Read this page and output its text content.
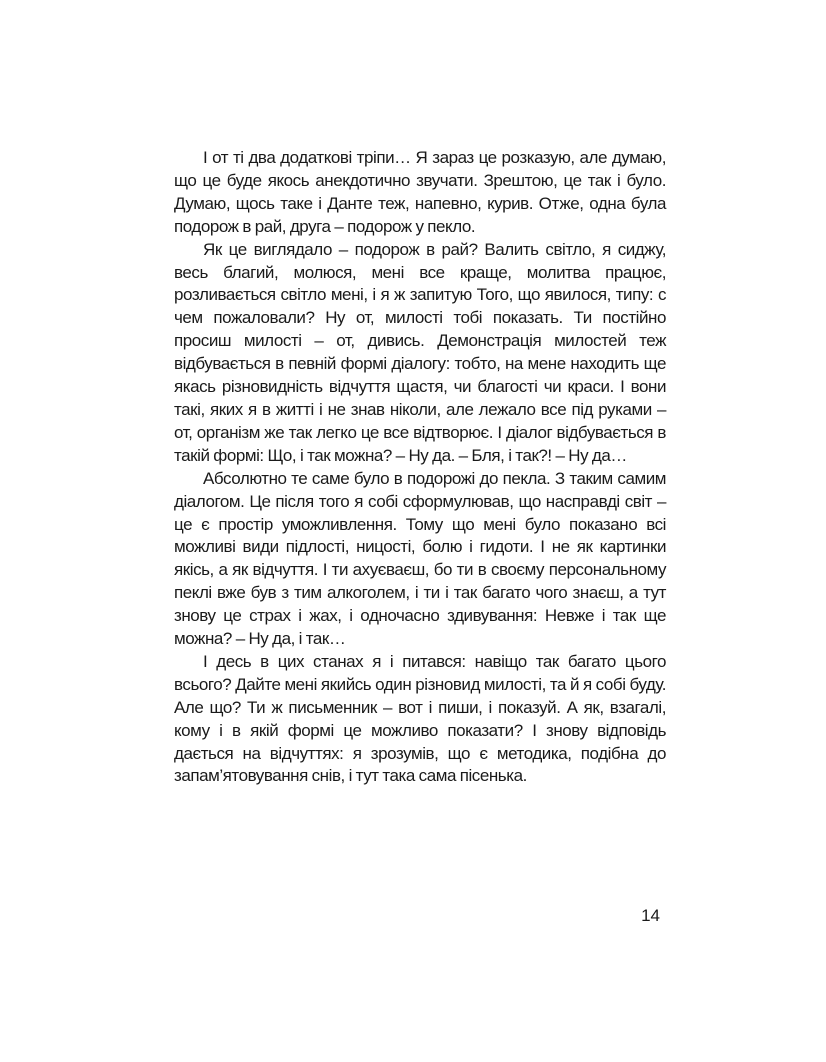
І от ті два додаткові тріпи… Я зараз це розказую, але думаю, що це буде якось анекдотично звучати. Зрештою, це так і було. Думаю, щось таке і Данте теж, напевно, курив. Отже, одна була подорож в рай, друга – подорож у пекло.

Як це виглядало – подорож в рай? Валить світло, я сиджу, весь благий, молюся, мені все краще, молитва працює, розливається світло мені, і я ж запитую Того, що явилося, типу: с чем пожаловали? Ну от, милості тобі показать. Ти постійно просиш милості – от, дивись. Демонстрація милостей теж відбувається в певній формі діалогу: тобто, на мене находить ще якась різновидність відчуття щастя, чи благості чи краси. І вони такі, яких я в житті і не знав ніколи, але лежало все під руками – от, організм же так легко це все відтворює. І діалог відбувається в такій формі: Що, і так можна? – Ну да. – Бля, і так?! – Ну да…

Абсолютно те саме було в подорожі до пекла. З таким самим діалогом. Це після того я собі сформулював, що насправді світ – це є простір уможливлення. Тому що мені було показано всі можливі види підлості, ницості, болю і гидоти. І не як картинки якісь, а як відчуття. І ти ахуєваєш, бо ти в своєму персональному пеклі вже був з тим алкоголем, і ти і так багато чого знаєш, а тут знову це страх і жах, і одночасно здивування: Невже і так ще можна? – Ну да, і так…

І десь в цих станах я і питався: навіщо так багато цього всього? Дайте мені якийсь один різновид милості, та й я собі буду. Але що? Ти ж письменник – вот і пиши, і показуй. А як, взагалі, кому і в якій формі це можливо показати? І знову відповідь дається на відчуттях: я зрозумів, що є методика, подібна до запам’ятовування снів, і тут така сама пісенька.

14
